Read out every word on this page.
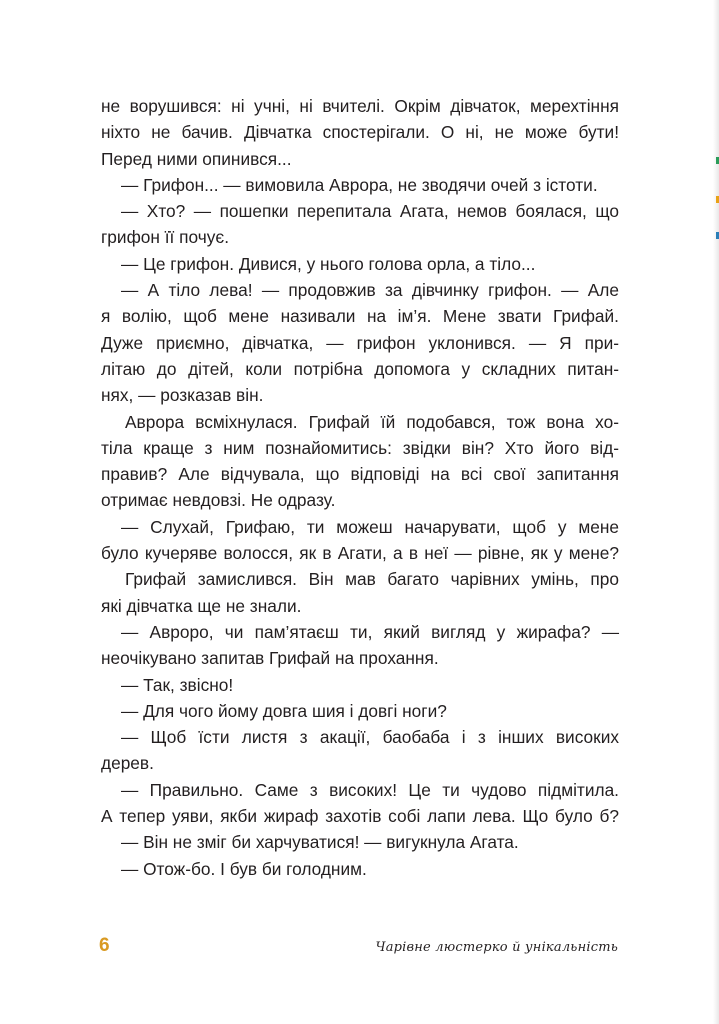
не ворушився: ні учні, ні вчителі. Окрім дівчаток, мерехтіння
ніхто не бачив. Дівчатка спостерігали. О ні, не може бути!
Перед ними опинився...
— Грифон... — вимовила Аврора, не зводячи очей з істоти.
— Хто? — пошепки перепитала Агата, немов боялася, що
грифон її почує.
— Це грифон. Дивися, у нього голова орла, а тіло...
— А тіло лева! — продовжив за дівчинку грифон. — Але
я волію, щоб мене називали на ім’я. Мене звати Грифай.
Дуже приємно, дівчатка, — грифон уклонився. — Я при-
літаю до дітей, коли потрібна допомога у складних питан-
нях, — розказав він.
Аврора всміхнулася. Грифай їй подобався, тож вона хо-
тіла краще з ним познайомитись: звідки він? Хто його від-
правив? Але відчувала, що відповіді на всі свої запитання
отримає невдовзі. Не одразу.
— Слухай, Грифаю, ти можеш начарувати, щоб у мене
було кучеряве волосся, як в Агати, а в неї — рівне, як у мене?
Грифай замислився. Він мав багато чарівних умінь, про
які дівчатка ще не знали.
— Авроро, чи пам’ятаєш ти, який вигляд у жирафа? —
неочікувано запитав Грифай на прохання.
— Так, звісно!
— Для чого йому довга шия і довгі ноги?
— Щоб їсти листя з акації, баобаба і з інших високих
дерев.
— Правильно. Саме з високих! Це ти чудово підмітила.
А тепер уяви, якби жираф захотів собі лапи лева. Що було б?
— Він не зміг би харчуватися! — вигукнула Агата.
— Отож-бо. І був би голодним.
6	Чарівне люстерко й унікальність
